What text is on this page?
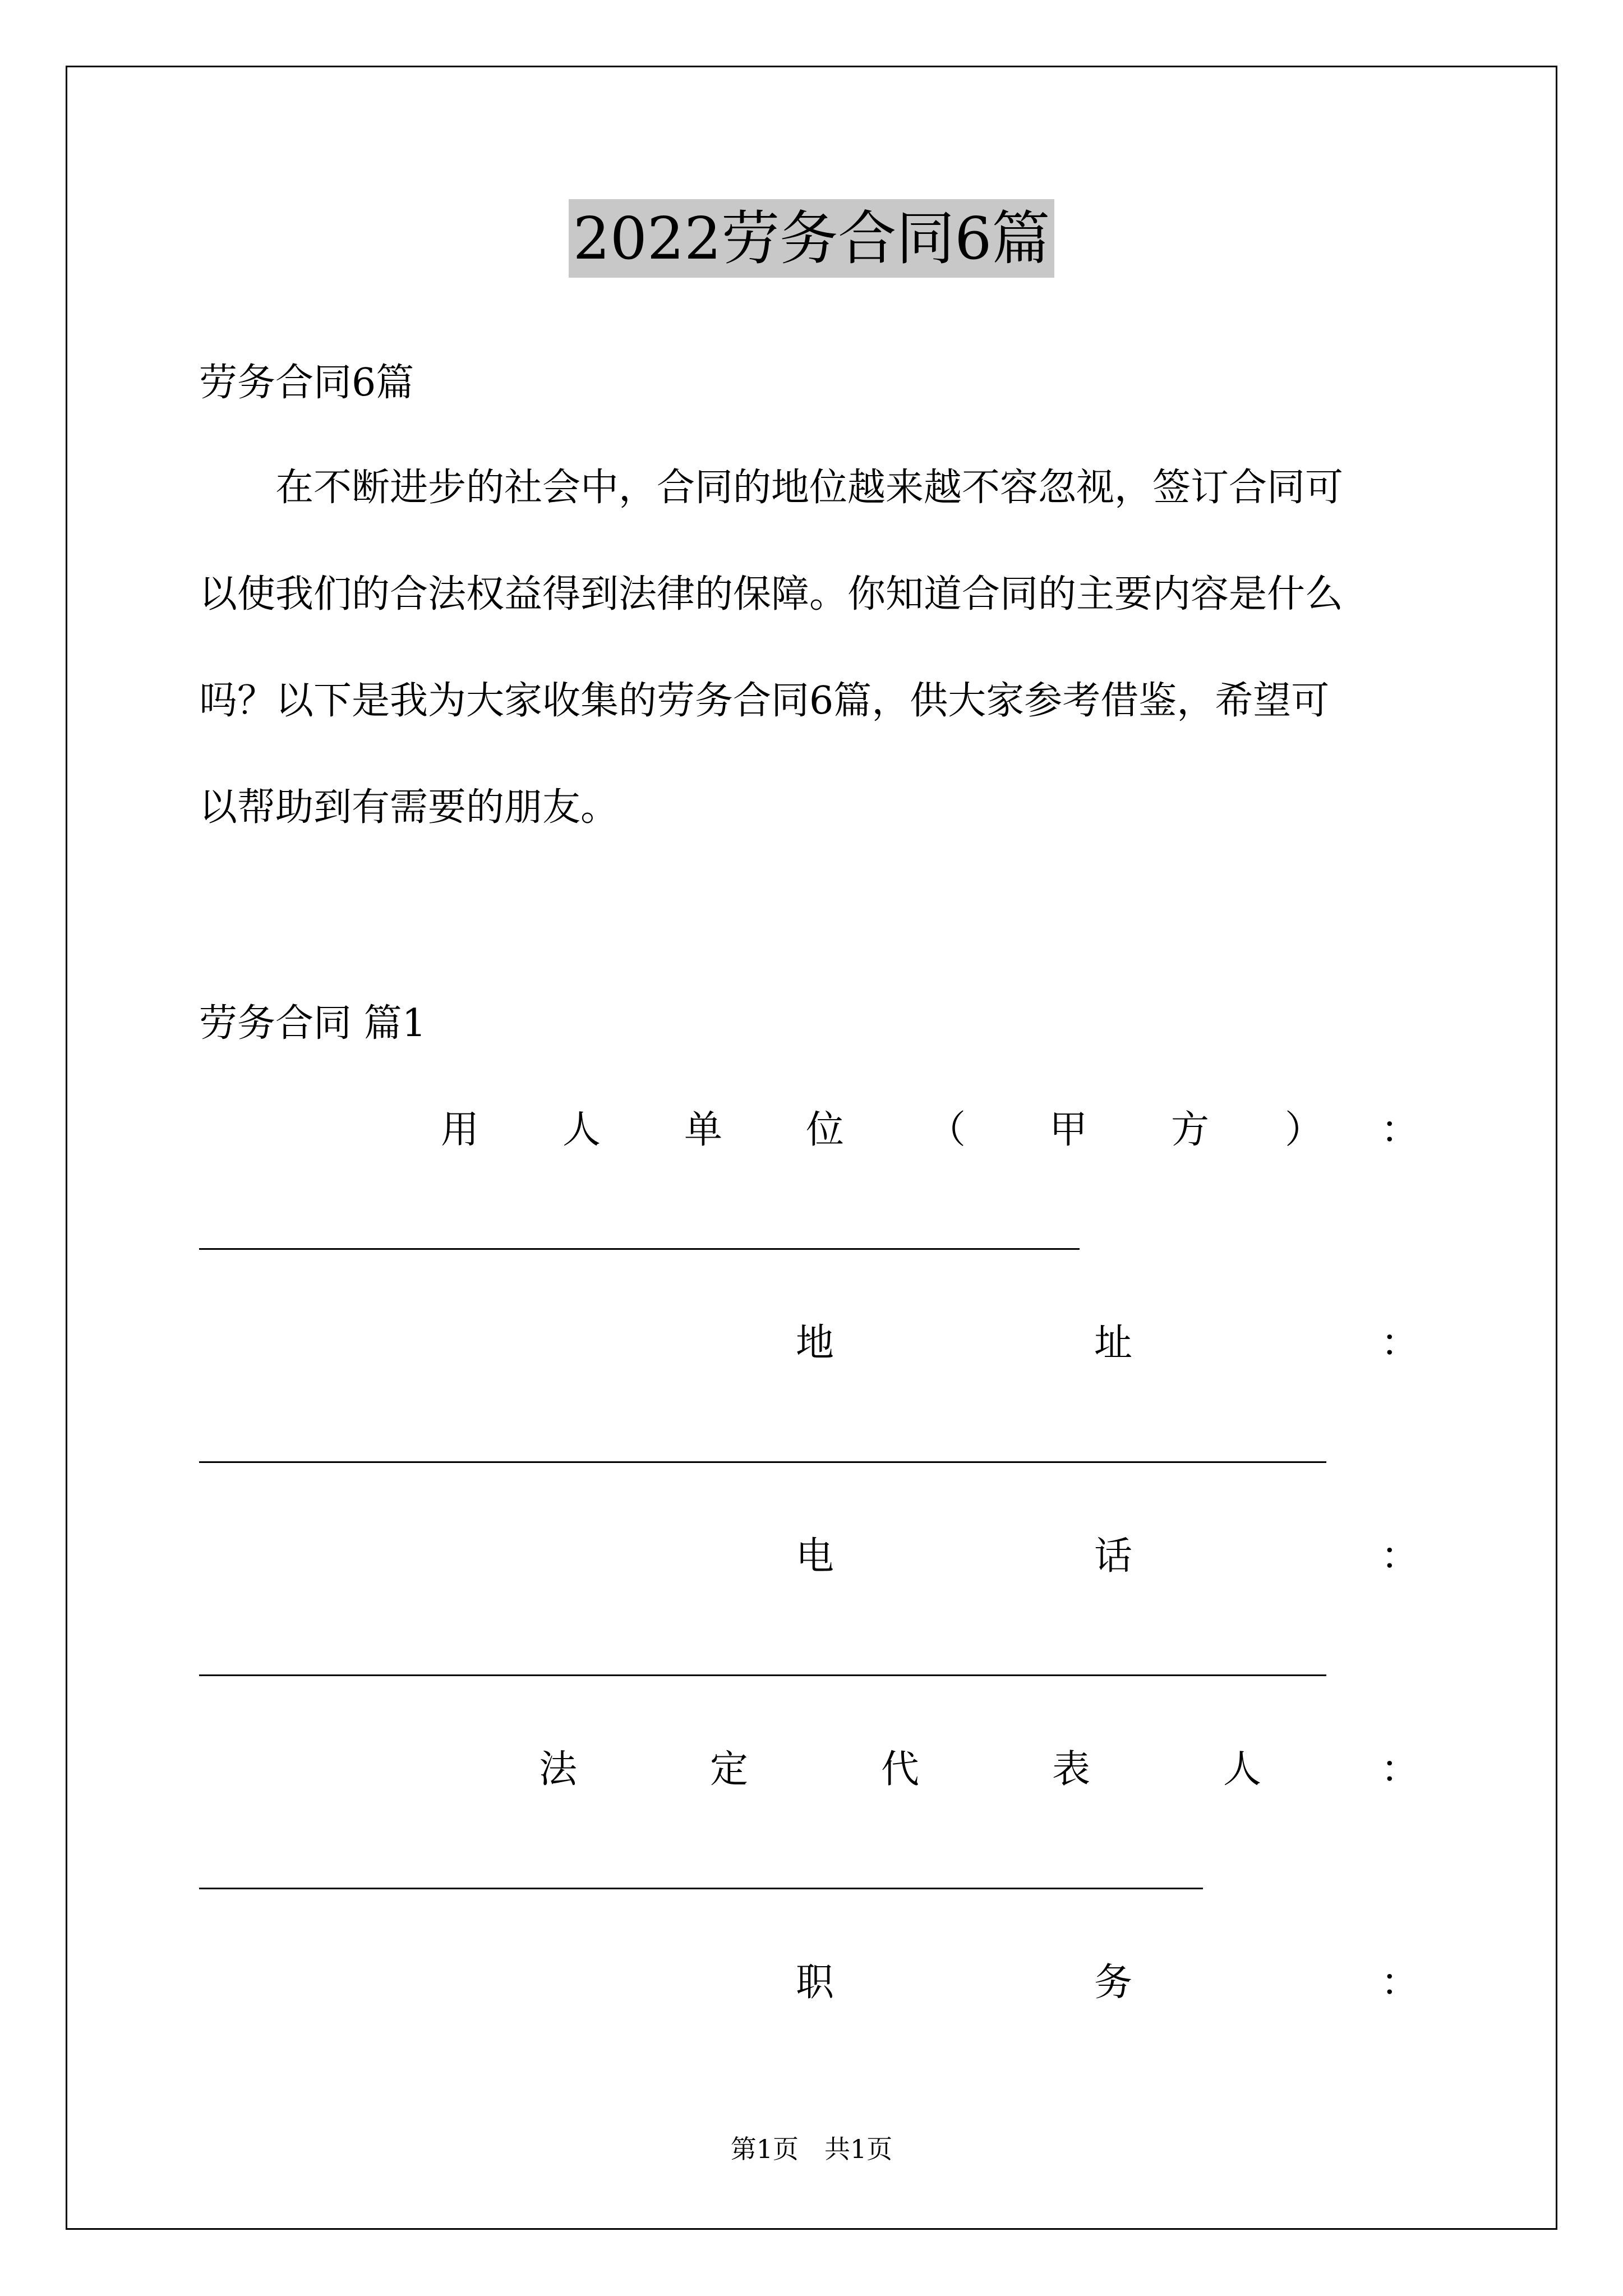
2022劳务合同6篇
劳务合同6篇

在不断进步的社会中，合同的地位越来越不容忽视，签订合同可

以使我们的合法权益得到法律的保障。你知道合同的主要内容是什么

吗？以下是我为大家收集的劳务合同6篇，供大家参考借鉴，希望可

以帮助到有需要的朋友。

劳务合同 篇1
用	人	单	位	（	甲	方	）	：
地	址	：
电	话	：
法	定	代	表	人	：
职	务	：
第1页 共1页
